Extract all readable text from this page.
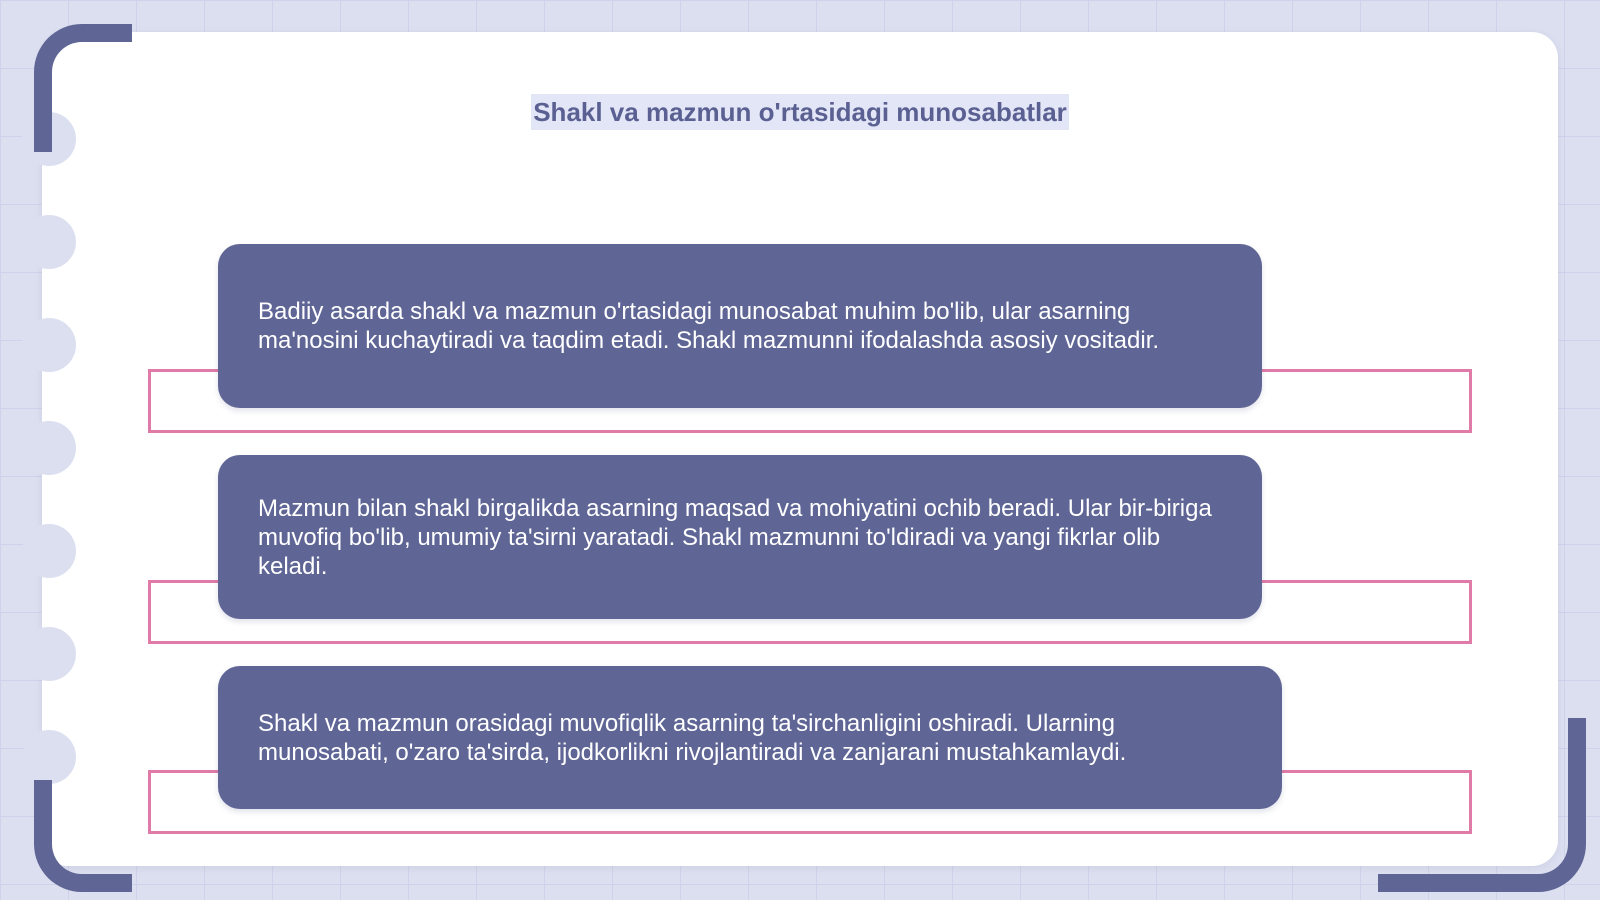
Shakl va mazmun o'rtasidagi munosabatlar

Badiiy asarda shakl va mazmun o'rtasidagi munosabat muhim bo'lib, ular asarning ma'nosini kuchaytiradi va taqdim etadi. Shakl mazmunni ifodalashda asosiy vositadir.

Mazmun bilan shakl birgalikda asarning maqsad va mohiyatini ochib beradi. Ular bir-biriga muvofiq bo'lib, umumiy ta'sirni yaratadi. Shakl mazmunni to'ldiradi va yangi fikrlar olib keladi.

Shakl va mazmun orasidagi muvofiqlik asarning ta'sirchanligini oshiradi. Ularning munosabati, o'zaro ta'sirda, ijodkorlikni rivojlantiradi va zanjarani mustahkamlaydi.
